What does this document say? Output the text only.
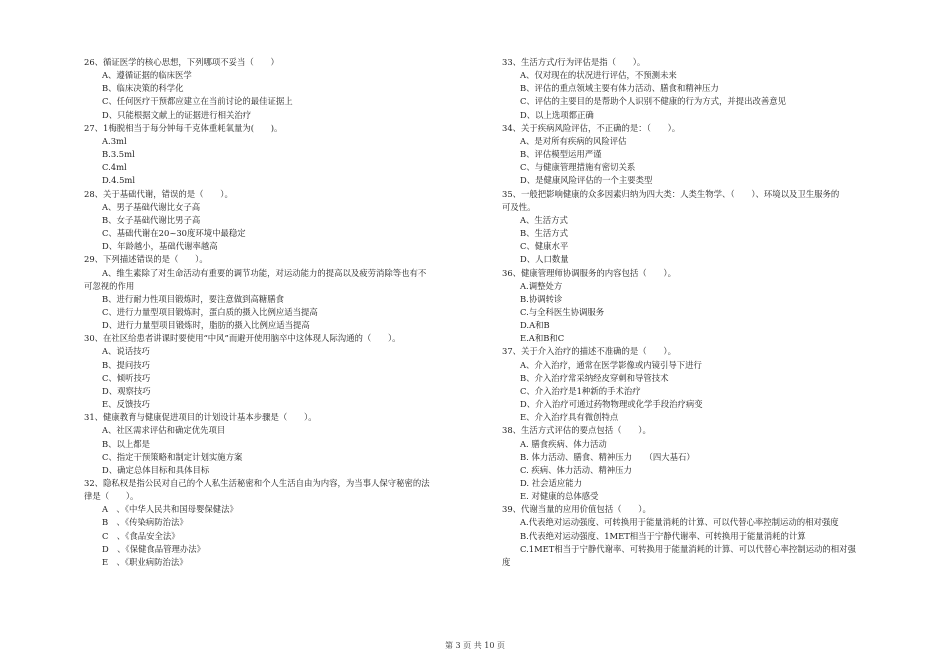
26、循证医学的核心思想，下列哪项不妥当（　　）
A、遵循证据的临床医学
B、临床决策的科学化
C、任何医疗干预都应建立在当前讨论的最佳证据上
D、只能根据文献上的证据进行相关治疗
27、1梅脱相当于每分钟每千克体重耗氧量为(　　)。
A.3ml
B.3.5ml
C.4ml
D.4.5ml
28、关于基础代谢，错误的是（　　）。
A、男子基础代谢比女子高
B、女子基础代谢比男子高
C、基础代谢在20~30度环境中最稳定
D、年龄越小，基础代谢率越高
29、下列描述错误的是（　　）。
A、维生素除了对生命活动有重要的调节功能，对运动能力的提高以及疲劳消除等也有不
可忽视的作用
B、进行耐力性项目锻炼时，要注意做到高糖膳食
C、进行力量型项目锻炼时，蛋白质的摄入比例应适当提高
D、进行力量型项目锻炼时，脂肪的摄入比例应适当提高
30、在社区给患者讲课时要使用“中风”而避开使用脑卒中这体现人际沟通的（　　）。
A、说话技巧
B、提问技巧
C、倾听技巧
D、观察技巧
E、反馈技巧
31、健康教育与健康促进项目的计划设计基本步骤是（　　）。
A、社区需求评估和确定优先项目
B、以上都是
C、指定干预策略和制定计划实施方案
D、确定总体目标和具体目标
32、隐私权是指公民对自己的个人私生活秘密和个人生活自由为内容，为当事人保守秘密的法
律是（　　）。
A　、《中华人民共和国母婴保健法》
B　、《传染病防治法》
C　、《食品安全法》
D　、《保健食品管理办法》
E　、《职业病防治法》
33、生活方式/行为评估是指（　　）。
A、仅对现在的状况进行评估，不预测未来
B、评估的重点领域主要有体力活动、膳食和精神压力
C、评估的主要目的是帮助个人识别不健康的行为方式，并提出改善意见
D、以上选项都正确
34、关于疾病风险评估，不正确的是：（　　）。
A、是对所有疾病的风险评估
B、评估模型运用严谨
C、与健康管理措施有密切关系
D、是健康风险评估的一个主要类型
35、一般把影响健康的众多因素归纳为四大类：人类生物学、（　　）、环境以及卫生服务的
可及性。
A、生活方式
B、生活方式
C、健康水平
D、人口数量
36、健康管理师协调服务的内容包括（　　）。
A.调整处方
B.协调转诊
C.与全科医生协调服务
D.A和B
E.A和B和C
37、关于介入治疗的描述不准确的是（　　）。
A、介入治疗，通常在医学影像或内镜引导下进行
B、介入治疗常采纳经皮穿刺和导管技术
C、介入治疗是1种新的手术治疗
D、介入治疗可通过药物物理或化学手段治疗病变
E、介入治疗具有微创特点
38、生活方式评估的要点包括（　　）。
A. 膳食疾病、体力活动
B. 体力活动、膳食、精神压力　　（四大基石）
C. 疾病、体力活动、精神压力
D. 社会适应能力
E. 对健康的总体感受
39、代谢当量的应用价值包括（　　）。
A.代表绝对运动强度、可转换用于能量消耗的计算、可以代替心率控制运动的相对强度
B.代表绝对运动强度、1MET相当于宁静代谢率、可转换用于能量消耗的计算
C.1MET相当于宁静代谢率、可转换用于能量消耗的计算、可以代替心率控制运动的相对强
度
第 3 页 共 10 页
